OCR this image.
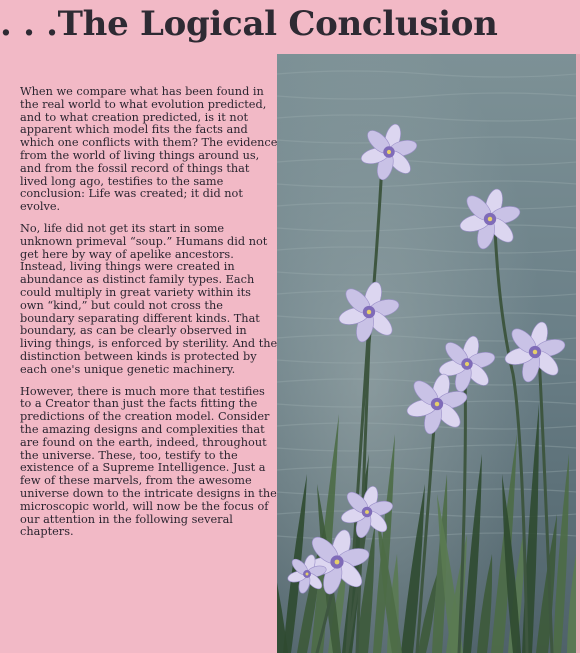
. . .The Logical Conclusion

When we compare what has been found in the real world to what evolution predicted, and to what creation predicted, is it not apparent which model fits the facts and which one conflicts with them? The evidence from the world of living things around us, and from the fossil record of things that lived long ago, testifies to the same conclusion: Life was created; it did not evolve.

No, life did not get its start in some unknown primeval “soup.” Humans did not get here by way of apelike ancestors. Instead, living things were created in abundance as distinct family types. Each could multiply in great variety within its own “kind,” but could not cross the boundary separating different kinds. That boundary, as can be clearly observed in living things, is enforced by sterility. And the distinction between kinds is protected by each one's unique genetic machinery.

However, there is much more that testifies to a Creator than just the facts fitting the predictions of the creation model. Consider the amazing designs and complexities that are found on the earth, indeed, throughout the universe. These, too, testify to the existence of a Supreme Intelligence. Just a few of these marvels, from the awesome universe down to the intricate designs in the microscopic world, will now be the focus of our attention in the following several chapters.
